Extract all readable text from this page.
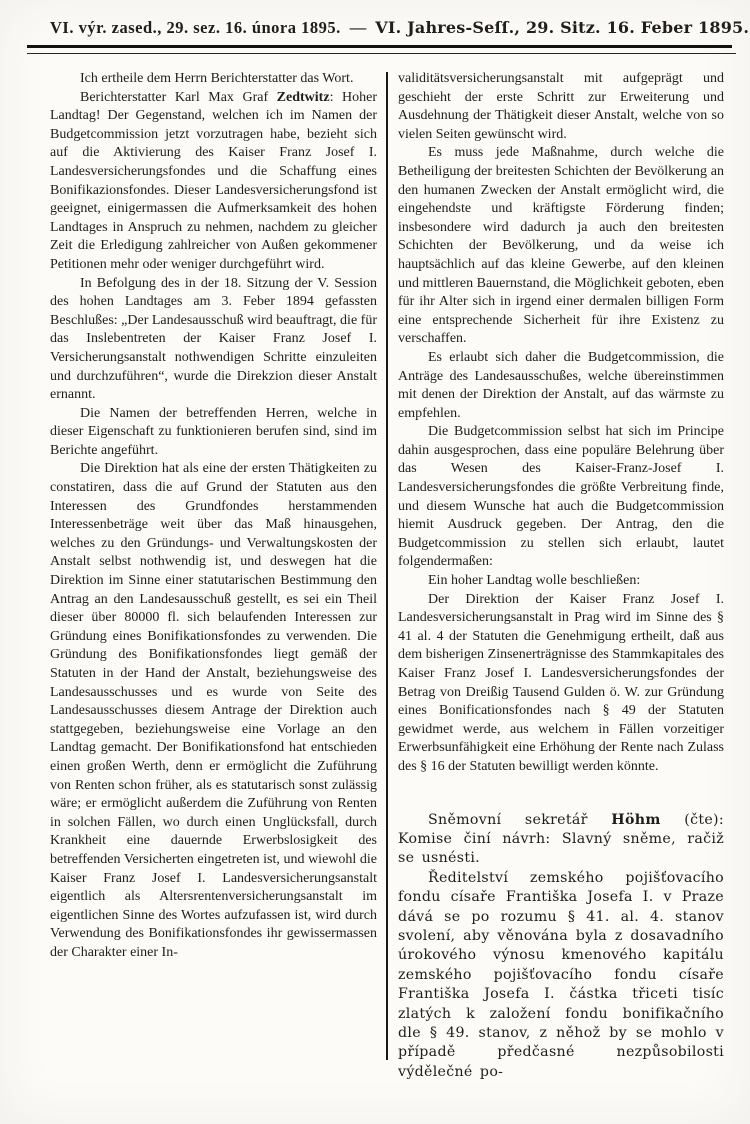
VI. výr. zased., 29. sez. 16. února 1895. — VI. Jahres-Seſſ., 29. Sitz. 16. Feber 1895.

Ich ertheile dem Herrn Berichterstatter das Wort.

Berichterstatter Karl Max Graf Zedtwitz: Hoher Landtag! Der Gegenstand, welchen ich im Namen der Budgetcommission jetzt vorzutragen habe, bezieht sich auf die Aktivierung des Kaiser Franz Josef I. Landesversicherungsfondes und die Schaffung eines Bonifikazionsfondes. Dieser Landesversicherungsfond ist geeignet, einigermassen die Aufmerksamkeit des hohen Landtages in Anspruch zu nehmen, nachdem zu gleicher Zeit die Erledigung zahlreicher von Außen gekommener Petitionen mehr oder weniger durchgeführt wird.

In Befolgung des in der 18. Sitzung der V. Session des hohen Landtages am 3. Feber 1894 gefassten Beschlußes: „Der Landesausschuß wird beauftragt, die für das Inslebentreten der Kaiser Franz Josef I. Versicherungsanstalt nothwendigen Schritte einzuleiten und durchzuführen“, wurde die Direkzion dieser Anstalt ernannt.

Die Namen der betreffenden Herren, welche in dieser Eigenschaft zu funktionieren berufen sind, sind im Berichte angeführt.

Die Direktion hat als eine der ersten Thätigkeiten zu constatiren, dass die auf Grund der Statuten aus den Interessen des Grundfondes herstammenden Interessenbeträge weit über das Maß hinausgehen, welches zu den Gründungs- und Verwaltungskosten der Anstalt selbst nothwendig ist, und deswegen hat die Direktion im Sinne einer statutarischen Bestimmung den Antrag an den Landesausschuß gestellt, es sei ein Theil dieser über 80000 fl. sich belaufenden Interessen zur Gründung eines Bonifikationsfondes zu verwenden. Die Gründung des Bonifikationsfondes liegt gemäß der Statuten in der Hand der Anstalt, beziehungsweise des Landesausschusses und es wurde von Seite des Landesausschusses diesem Antrage der Direktion auch stattgegeben, beziehungsweise eine Vorlage an den Landtag gemacht. Der Bonifikationsfond hat entschieden einen großen Werth, denn er ermöglicht die Zuführung von Renten schon früher, als es statutarisch sonst zulässig wäre; er ermöglicht außerdem die Zuführung von Renten in solchen Fällen, wo durch einen Unglücksfall, durch Krankheit eine dauernde Erwerbslosigkeit des betreffenden Versicherten eingetreten ist, und wiewohl die Kaiser Franz Josef I. Landesversicherungsanstalt eigentlich als Altersrentenversicherungsanstalt im eigentlichen Sinne des Wortes aufzufassen ist, wird durch Verwendung des Bonifikationsfondes ihr gewissermassen der Charakter einer In-

validitätsversicherungsanstalt mit aufgeprägt und geschieht der erste Schritt zur Erweiterung und Ausdehnung der Thätigkeit dieser Anstalt, welche von so vielen Seiten gewünscht wird.

Es muss jede Maßnahme, durch welche die Betheiligung der breitesten Schichten der Bevölkerung an den humanen Zwecken der Anstalt ermöglicht wird, die eingehendste und kräftigste Förderung finden; insbesondere wird dadurch ja auch den breitesten Schichten der Bevölkerung, und da weise ich hauptsächlich auf das kleine Gewerbe, auf den kleinen und mittleren Bauernstand, die Möglichkeit geboten, eben für ihr Alter sich in irgend einer dermalen billigen Form eine entsprechende Sicherheit für ihre Existenz zu verschaffen.

Es erlaubt sich daher die Budgetcommission, die Anträge des Landesausschußes, welche übereinstimmen mit denen der Direktion der Anstalt, auf das wärmste zu empfehlen.

Die Budgetcommission selbst hat sich im Principe dahin ausgesprochen, dass eine populäre Belehrung über das Wesen des Kaiser-Franz-Josef I. Landesversicherungsfondes die größte Verbreitung finde, und diesem Wunsche hat auch die Budgetcommission hiemit Ausdruck gegeben. Der Antrag, den die Budgetcommission zu stellen sich erlaubt, lautet folgendermaßen:

Ein hoher Landtag wolle beschließen:

Der Direktion der Kaiser Franz Josef I. Landesversicherungsanstalt in Prag wird im Sinne des § 41 al. 4 der Statuten die Genehmigung ertheilt, daß aus dem bisherigen Zinsenerträgnisse des Stammkapitales des Kaiser Franz Josef I. Landesversicherungsfondes der Betrag von Dreißig Tausend Gulden ö. W. zur Gründung eines Bonificationsfondes nach § 49 der Statuten gewidmet werde, aus welchem in Fällen vorzeitiger Erwerbsunfähigkeit eine Erhöhung der Rente nach Zulass des § 16 der Statuten bewilligt werden könnte.

Sněmovní sekretář Höhm (čte): Komise činí návrh: Slavný sněme, račiž se usnésti.

Ředitelství zemského pojišťovacího fondu císaře Františka Josefa I. v Praze dává se po rozumu § 41. al. 4. stanov svolení, aby věnována byla z dosavadního úrokového výnosu kmenového kapitálu zemského pojišťovacího fondu císaře Františka Josefa I. částka třiceti tisíc zlatých k založení fondu bonifikačního dle § 49. stanov, z něhož by se mohlo v případě předčasné nezpůsobilosti výdělečné po-
